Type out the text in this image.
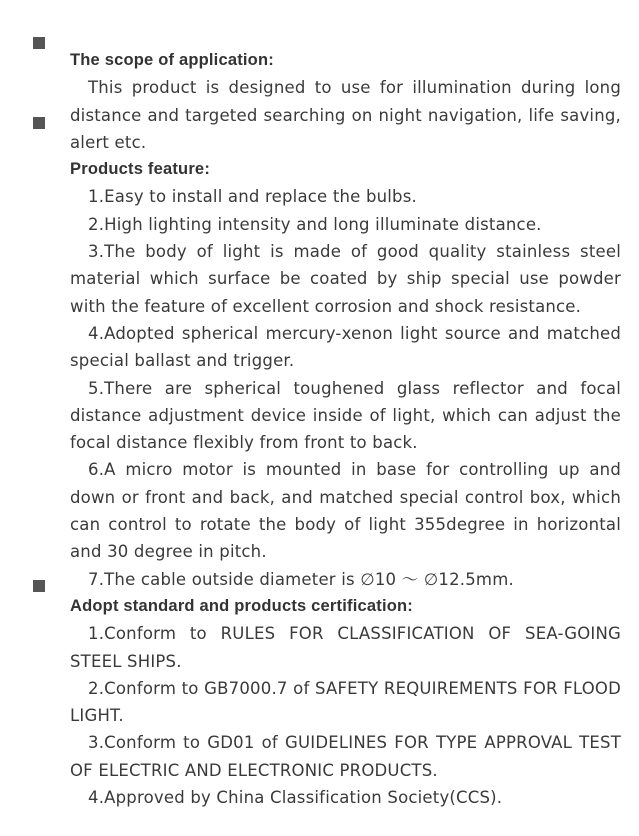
The scope of application:

This product is designed to use for illumination during long distance and targeted searching on night navigation, life saving, alert etc.

Products feature:

1.Easy to install and replace the bulbs.

2.High lighting intensity and long illuminate distance.

3.The body of light is made of good quality stainless steel material which surface be coated by ship special use powder with the feature of excellent corrosion and shock resistance.

4.Adopted spherical mercury-xenon light source and matched special ballast and trigger.

5.There are spherical toughened glass reflector and focal distance adjustment device inside of light, which can adjust the focal distance flexibly from front to back.

6.A micro motor is mounted in base for controlling up and down or front and back, and matched special control box, which can control to rotate the body of light 355degree in horizontal and 30 degree in pitch.

7.The cable outside diameter is ∅10 ～ ∅12.5mm.

Adopt standard and products certification:

1.Conform to RULES FOR CLASSIFICATION OF SEA-GOING STEEL SHIPS.

2.Conform to GB7000.7 of SAFETY REQUIREMENTS FOR FLOOD LIGHT.

3.Conform to GD01 of GUIDELINES FOR TYPE APPROVAL TEST OF ELECTRIC AND ELECTRONIC PRODUCTS.

4.Approved by China Classification Society(CCS).
